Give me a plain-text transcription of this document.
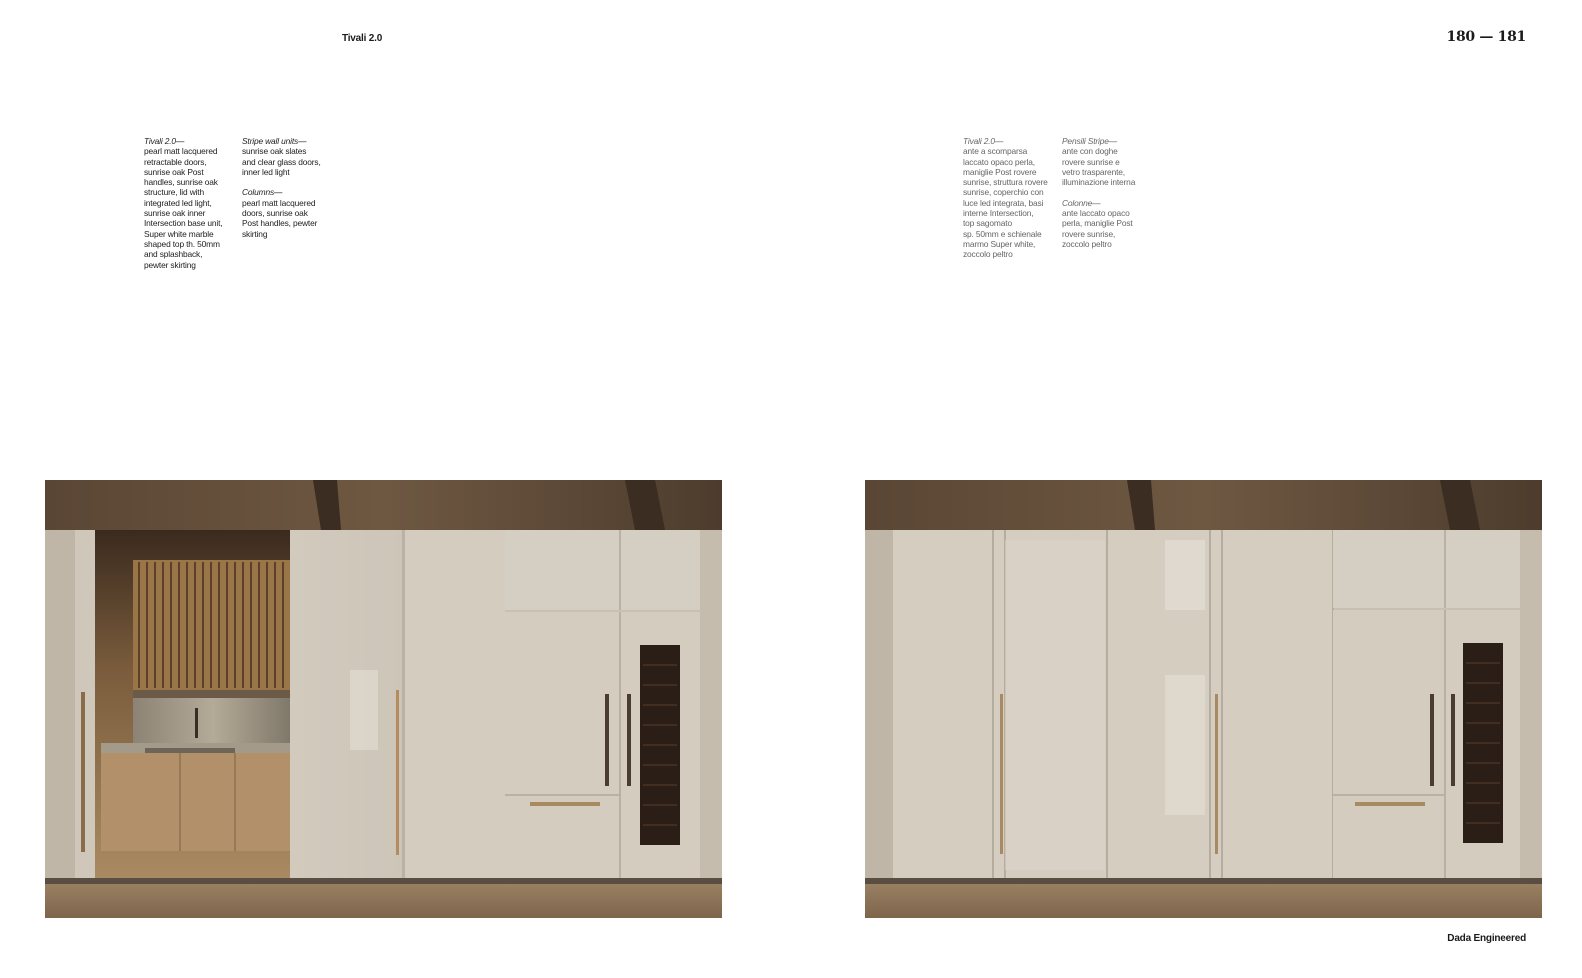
Tivali 2.0	180 — 181

Tivali 2.0—
pearl matt lacquered
retractable doors,
sunrise oak Post
handles, sunrise oak
structure, lid with
integrated led light,
sunrise oak inner
Intersection base unit,
Super white marble
shaped top th. 50mm
and splashback,
pewter skirting

Stripe wall units—
sunrise oak slates
and clear glass doors,
inner led light

Columns—
pearl matt lacquered
doors, sunrise oak
Post handles, pewter
skirting

Tivali 2.0—
ante a scomparsa
laccato opaco perla,
maniglie Post rovere
sunrise, struttura rovere
sunrise, coperchio con
luce led integrata, basi
interne Intersection,
top sagomato
sp. 50mm e schienale
marmo Super white,
zoccolo peltro

Pensili Stripe—
ante con doghe
rovere sunrise e
vetro trasparente,
illuminazione interna

Colonne—
ante laccato opaco
perla, maniglie Post
rovere sunrise,
zoccolo peltro

Dada Engineered
